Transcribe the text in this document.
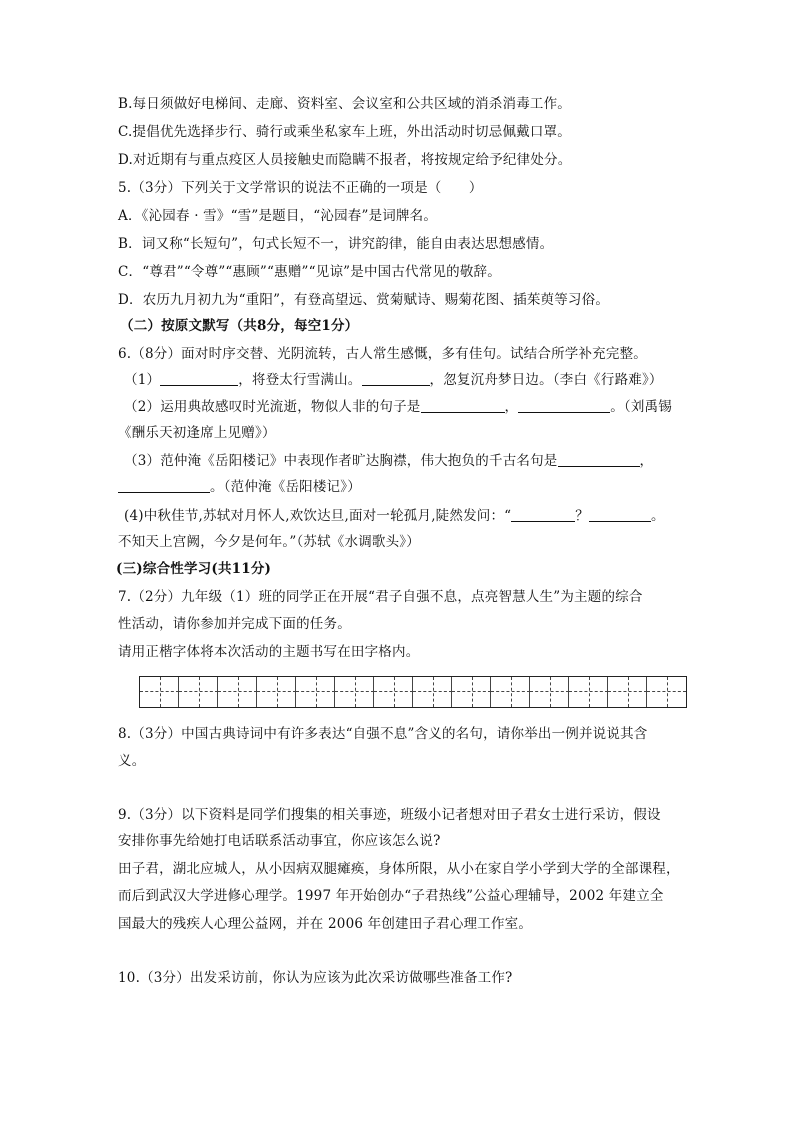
B.每日须做好电梯间、走廊、资料室、会议室和公共区域的消杀消毒工作。
C.提倡优先选择步行、骑行或乘坐私家车上班，外出活动时切忌佩戴口罩。
D.对近期有与重点疫区人员接触史而隐瞒不报者，将按规定给予纪律处分。
5.（3分）下列关于文学常识的说法不正确的一项是（　　）
A．《沁园春 · 雪》“雪”是题目，“沁园春”是词牌名。
B．词又称“长短句”，句式长短不一，讲究韵律，能自由表达思想感情。
C．“尊君”“令尊”“惠顾”“惠赠”“见谅”是中国古代常见的敬辞。
D．农历九月初九为“重阳”，有登高望远、赏菊赋诗、赐菊花图、插茱萸等习俗。
（二）按原文默写（共8分，每空1分）
6.（8分）面对时序交替、光阴流转，古人常生感慨，多有佳句。试结合所学补充完整。
（1）	，将登太行雪满山。	，忽复沉舟梦日边。（李白《行路难》）
（2）运用典故感叹时光流逝，物似人非的句子是	，	。（刘禹锡
《酬乐天初逢席上见赠》）
（3）范仲淹《岳阳楼记》中表现作者旷达胸襟，伟大抱负的千古名句是	，
。（范仲淹《岳阳楼记》）
(4)中秋佳节,苏轼对月怀人,欢饮达旦,面对一轮孤月,陡然发问：“	？	。
不知天上宫阙，今夕是何年。”（苏轼《水调歌头》）
(三)综合性学习(共11分)
7.（2分）九年级（1）班的同学正在开展“君子自强不息，点亮智慧人生”为主题的综合
性活动，请你参加并完成下面的任务。
请用正楷字体将本次活动的主题书写在田字格内。
8.（3分）中国古典诗词中有许多表达“自强不息”含义的名句，请你举出一例并说说其含
义。
9.（3分）以下资料是同学们搜集的相关事迹，班级小记者想对田子君女士进行采访，假设
安排你事先给她打电话联系活动事宜，你应该怎么说?
田子君，湖北应城人，从小因病双腿瘫痪，身体所限，从小在家自学小学到大学的全部课程，
而后到武汉大学进修心理学。1997 年开始创办“子君热线”公益心理辅导，2002 年建立全
国最大的残疾人心理公益网，并在 2006 年创建田子君心理工作室。
10.（3分）出发采访前，你认为应该为此次采访做哪些准备工作?
